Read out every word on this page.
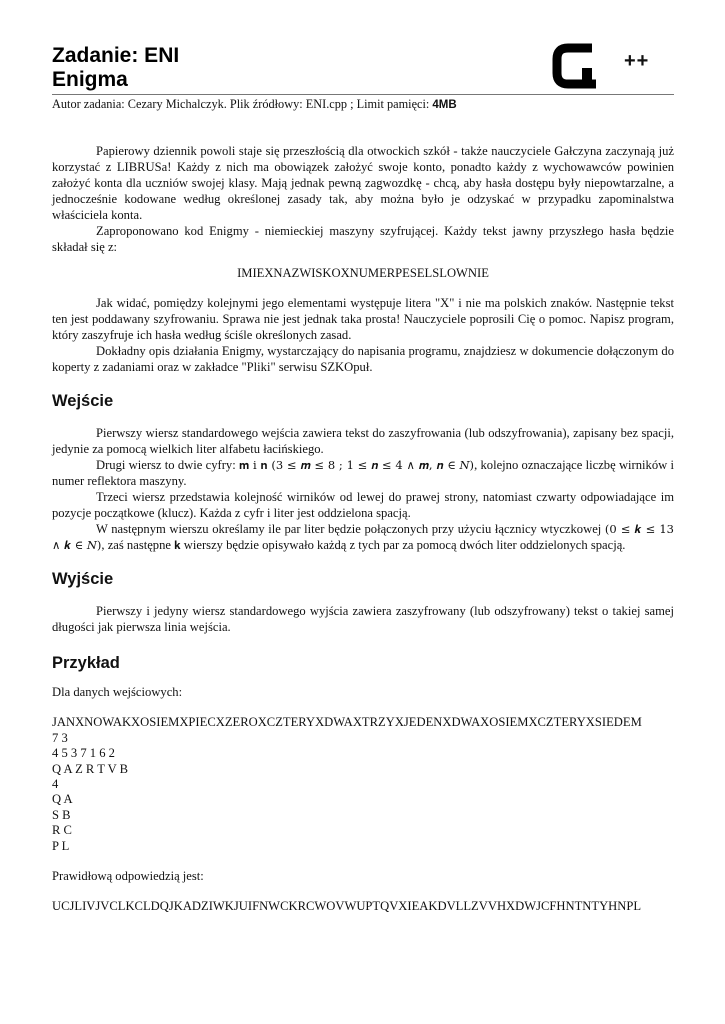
++
Zadanie: ENI
Enigma
Autor zadania: Cezary Michalczyk. Plik źródłowy: ENI.cpp ; Limit pamięci: 4MB

Papierowy dziennik powoli staje się przeszłością dla otwockich szkół - także nauczyciele Gałczyna zaczynają już korzystać z LIBRUSa! Każdy z nich ma obowiązek założyć swoje konto, ponadto każdy z wychowawców powinien założyć konta dla uczniów swojej klasy. Mają jednak pewną zagwozdkę - chcą, aby hasła dostępu były niepowtarzalne, a jednocześnie kodowane według określonej zasady tak, aby można było je odzyskać w przypadku zapominalstwa właściciela konta.

Zaproponowano kod Enigmy - niemieckiej maszyny szyfrującej. Każdy tekst jawny przyszłego hasła będzie składał się z:

IMIEXNAZWISKOXNUMERPESELSLOWNIE

Jak widać, pomiędzy kolejnymi jego elementami występuje litera "X" i nie ma polskich znaków. Następnie tekst ten jest poddawany szyfrowaniu. Sprawa nie jest jednak taka prosta! Nauczyciele poprosili Cię o pomoc. Napisz program, który zaszyfruje ich hasła według ściśle określonych zasad.

Dokładny opis działania Enigmy, wystarczający do napisania programu, znajdziesz w dokumencie dołączonym do koperty z zadaniami oraz w zakładce "Pliki" serwisu SZKOpuł.

Wejście

Pierwszy wiersz standardowego wejścia zawiera tekst do zaszyfrowania (lub odszyfrowania), zapisany bez spacji, jedynie za pomocą wielkich liter alfabetu łacińskiego.

Drugi wiersz to dwie cyfry: 𝐦 i 𝐧 (3 ≤ 𝒎 ≤ 8 ; 1 ≤ 𝒏 ≤ 4 ∧ 𝒎, 𝒏 ∈ 𝑁), kolejno oznaczające liczbę wirników i numer reflektora maszyny.

Trzeci wiersz przedstawia kolejność wirników od lewej do prawej strony, natomiast czwarty odpowiadające im pozycje początkowe (klucz). Każda z cyfr i liter jest oddzielona spacją.

W następnym wierszu określamy ile par liter będzie połączonych przy użyciu łącznicy wtyczkowej (0 ≤ 𝒌 ≤ 13 ∧ 𝒌 ∈ 𝑁), zaś następne 𝐤 wierszy będzie opisywało każdą z tych par za pomocą dwóch liter oddzielonych spacją.

Wyjście

Pierwszy i jedyny wiersz standardowego wyjścia zawiera zaszyfrowany (lub odszyfrowany) tekst o takiej samej długości jak pierwsza linia wejścia.

Przykład
Dla danych wejściowych:
JANXNOWAKXOSIEMXPIECXZEROXCZTERYXDWAXTRZYXJEDENXDWAXOSIEMXCZTERYXSIEDEM
7 3
4 5 3 7 1 6 2
Q A Z R T V B
4
Q A
S B
R C
P L
Prawidłową odpowiedzią jest:
UCJLIVJVCLKCLDQJKADZIWKJUIFNWCKRCWOVWUPTQVXIEAKDVLLZVVHXDWJCFHNTNTYHNPL
